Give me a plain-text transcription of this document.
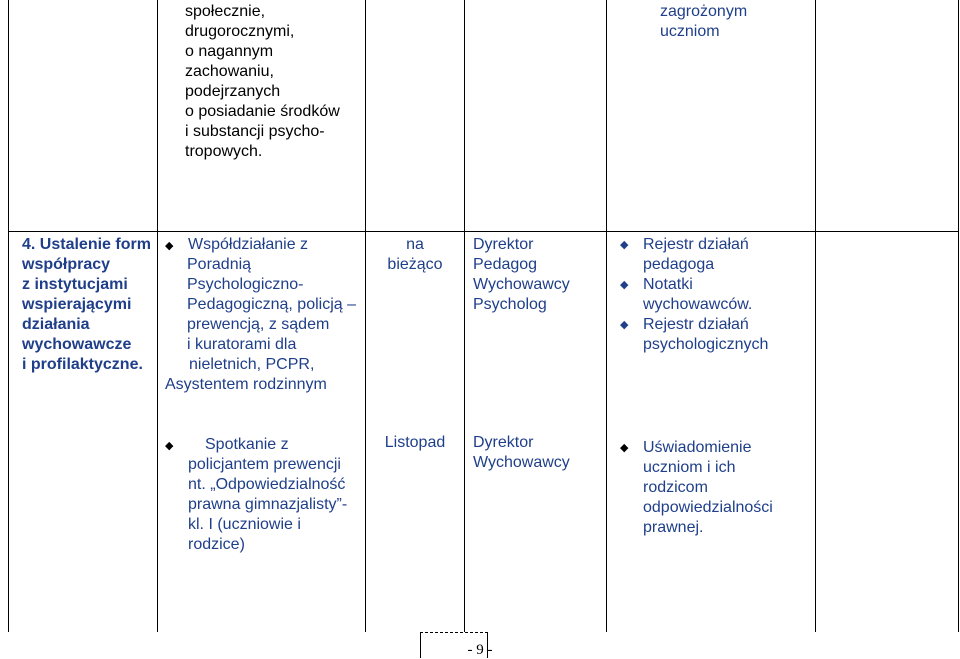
społecznie,
drugorocznymi,
o nagannym
zachowaniu,
podejrzanych
o posiadanie środków
i substancji psycho-
tropowych.
zagrożonym
uczniom
4. Ustalenie form
współpracy
z instytucjami
wspierającymi
działania
wychowawcze
i profilaktyczne.
◆ Współdziałanie z
Poradnią
Psychologiczno-
Pedagogiczną, policją –
prewencją, z sądem
i kuratorami dla
nieletnich, PCPR,
Asystentem rodzinnym
na
bieżąco
Dyrektor
Pedagog
Wychowawcy
Psycholog
◆ Rejestr działań
pedagoga
◆ Notatki
wychowawców.
◆ Rejestr działań
psychologicznych
◆	Spotkanie z
policjantem prewencji
nt. „Odpowiedzialność
prawna gimnazjalisty”-
kl. I (uczniowie i
rodzice)
Listopad	Dyrektor
Wychowawcy
◆ Uświadomienie
uczniom i ich
rodzicom
odpowiedzialności
prawnej.
- 9 -
